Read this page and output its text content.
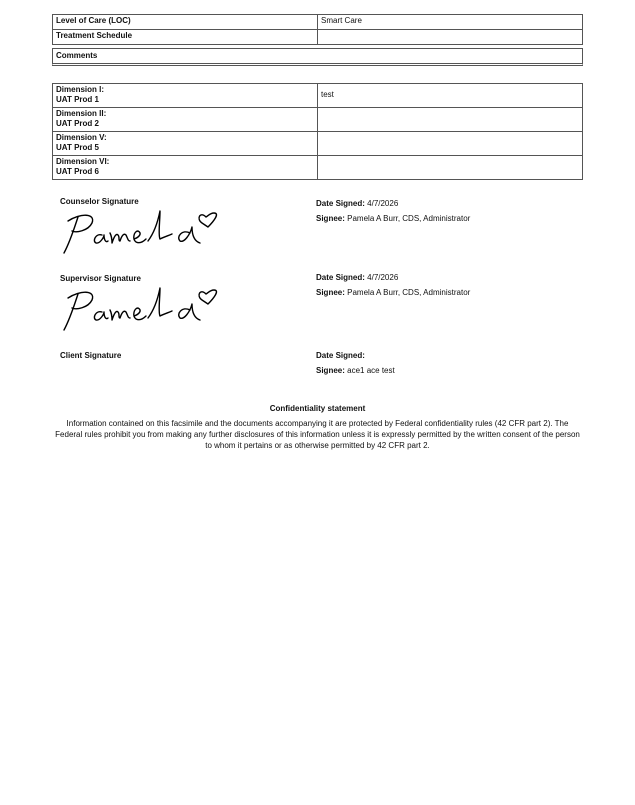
Level of Care (LOC)	Smart Care
Treatment Schedule	
Comments
Dimension I:
UAT Prod 1	test

Dimension II:
UAT Prod 2	

Dimension V:
UAT Prod 5	

Dimension VI:
UAT Prod 6	

Counselor Signature	Date Signed: 4/7/2026
Signee: Pamela A Burr, CDS, Administrator
Supervisor Signature	Date Signed: 4/7/2026
Signee: Pamela A Burr, CDS, Administrator
Client Signature	Date Signed:
Signee: ace1 ace test
Confidentiality statement
Information contained on this facsimile and the documents accompanying it are protected by Federal confidentiality rules (42 CFR part 2). The Federal rules prohibit you from making any further disclosures of this information unless it is expressly permitted by the written consent of the person to whom it pertains or as otherwise permitted by 42 CFR part 2.
